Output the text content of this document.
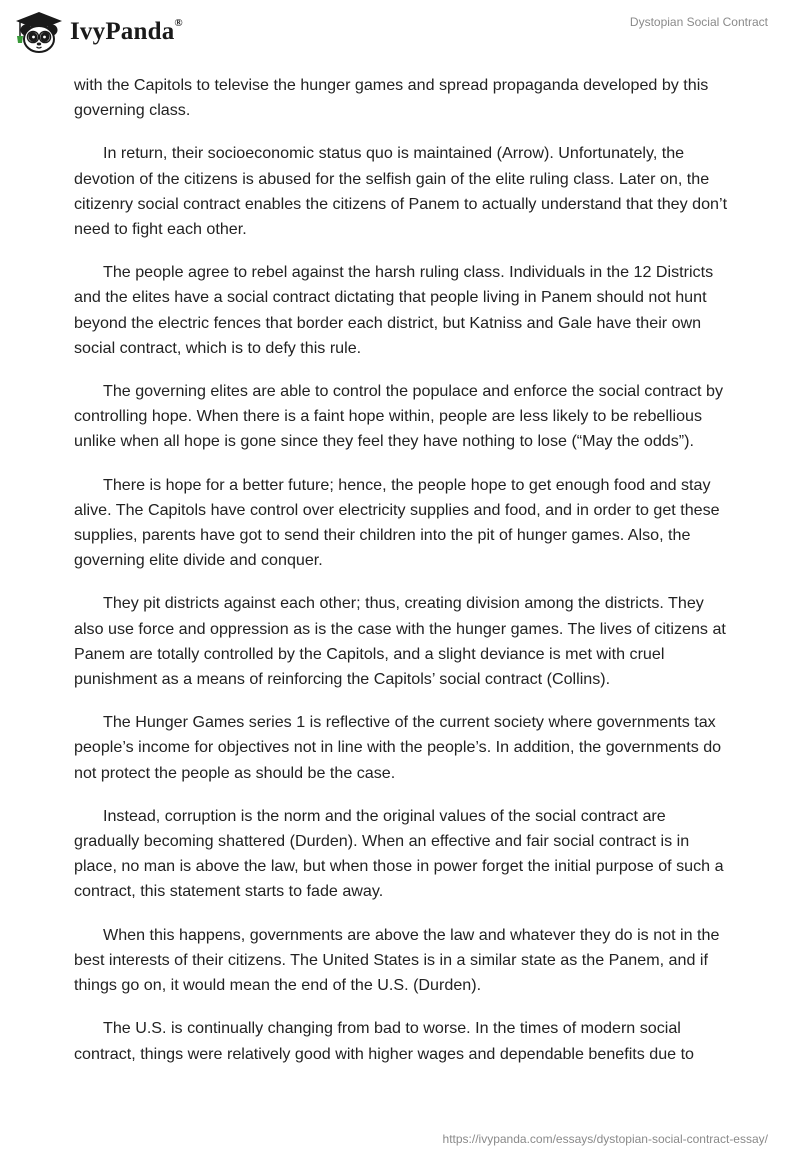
IvyPanda®	Dystopian Social Contract

with the Capitols to televise the hunger games and spread propaganda developed by this governing class.

In return, their socioeconomic status quo is maintained (Arrow). Unfortunately, the devotion of the citizens is abused for the selfish gain of the elite ruling class. Later on, the citizenry social contract enables the citizens of Panem to actually understand that they don’t need to fight each other.

The people agree to rebel against the harsh ruling class. Individuals in the 12 Districts and the elites have a social contract dictating that people living in Panem should not hunt beyond the electric fences that border each district, but Katniss and Gale have their own social contract, which is to defy this rule.

The governing elites are able to control the populace and enforce the social contract by controlling hope. When there is a faint hope within, people are less likely to be rebellious unlike when all hope is gone since they feel they have nothing to lose (“May the odds”).

There is hope for a better future; hence, the people hope to get enough food and stay alive. The Capitols have control over electricity supplies and food, and in order to get these supplies, parents have got to send their children into the pit of hunger games. Also, the governing elite divide and conquer.

They pit districts against each other; thus, creating division among the districts. They also use force and oppression as is the case with the hunger games. The lives of citizens at Panem are totally controlled by the Capitols, and a slight deviance is met with cruel punishment as a means of reinforcing the Capitols’ social contract (Collins).

The Hunger Games series 1 is reflective of the current society where governments tax people’s income for objectives not in line with the people’s. In addition, the governments do not protect the people as should be the case.

Instead, corruption is the norm and the original values of the social contract are gradually becoming shattered (Durden). When an effective and fair social contract is in place, no man is above the law, but when those in power forget the initial purpose of such a contract, this statement starts to fade away.

When this happens, governments are above the law and whatever they do is not in the best interests of their citizens. The United States is in a similar state as the Panem, and if things go on, it would mean the end of the U.S. (Durden).

The U.S. is continually changing from bad to worse. In the times of modern social contract, things were relatively good with higher wages and dependable benefits due to

https://ivypanda.com/essays/dystopian-social-contract-essay/
